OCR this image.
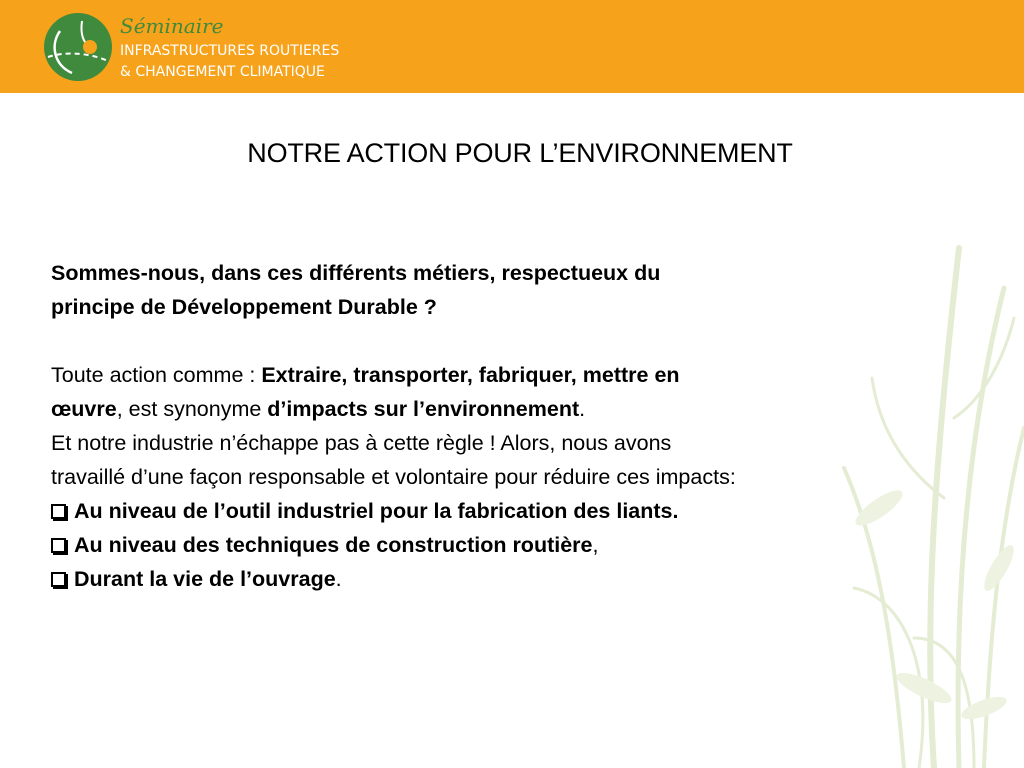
Séminaire
INFRASTRUCTURES ROUTIERES
& CHANGEMENT CLIMATIQUE
NOTRE ACTION POUR L’ENVIRONNEMENT

Sommes-nous, dans ces différents métiers, respectueux du

principe de Développement Durable ?

Toute action comme : Extraire, transporter, fabriquer, mettre en

œuvre, est synonyme d’impacts sur l’environnement.

Et notre industrie n’échappe pas à cette règle ! Alors, nous avons

travaillé d’une façon responsable et volontaire pour réduire ces impacts:

Au niveau de l’outil industriel pour la fabrication des liants.

Au niveau des techniques de construction routière,

Durant la vie de l’ouvrage.
